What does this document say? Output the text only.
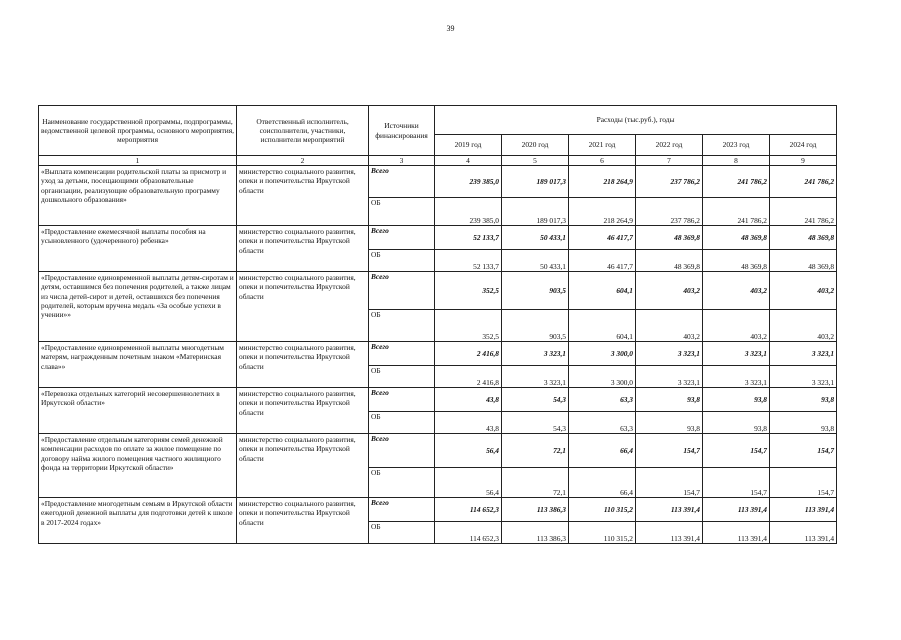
39
Наименование государственной программы, подпрограммы, ведомственной целевой программы, основного мероприятия, мероприятия	Ответственный исполнитель, соисполнители, участники, исполнители мероприятий	Источники финансирования	Расходы (тыс.руб.), годы					
			2019 год	2020 год	2021 год	2022 год	2023 год	2024 год
1	2	3	4	5	6	7	8	9
«Выплата компенсации родительской платы за присмотр и уход за детьми, посещающими образовательные организации, реализующие образовательную программу дошкольного образования»	министерство социального развития, опеки и попечительства Иркутской области	Всего	239 385,0	189 017,3	218 264,9	237 786,2	241 786,2	241 786,2
		ОБ	239 385,0	189 017,3	218 264,9	237 786,2	241 786,2	241 786,2
«Предоставление ежемесячной выплаты пособия на усыновленного (удочеренного) ребенка»	министерство социального развития, опеки и попечительства Иркутской области	Всего	52 133,7	50 433,1	46 417,7	48 369,8	48 369,8	48 369,8
		ОБ	52 133,7	50 433,1	46 417,7	48 369,8	48 369,8	48 369,8
«Предоставление единовременной выплаты детям-сиротам и детям, оставшимся без попечения родителей, а также лицам из числа детей-сирот и детей, оставшихся без попечения родителей, которым вручена медаль «За особые успехи в учении»»	министерство социального развития, опеки и попечительства Иркутской области	Всего	352,5	903,5	604,1	403,2	403,2	403,2
		ОБ	352,5	903,5	604,1	403,2	403,2	403,2
«Предоставление единовременной выплаты многодетным матерям, награжденным почетным знаком «Материнская слава»»	министерство социального развития, опеки и попечительства Иркутской области	Всего	2 416,8	3 323,1	3 300,0	3 323,1	3 323,1	3 323,1
		ОБ	2 416,8	3 323,1	3 300,0	3 323,1	3 323,1	3 323,1
«Перевозка отдельных категорий несовершеннолетних в Иркутской области»	министерство социального развития, опеки и попечительства Иркутской области	Всего	43,8	54,3	63,3	93,8	93,8	93,8
		ОБ	43,8	54,3	63,3	93,8	93,8	93,8
«Предоставление отдельным категориям семей денежной компенсации расходов по оплате за жилое помещение по договору найма жилого помещения частного жилищного фонда на территории Иркутской области»	министерство социального развития, опеки и попечительства Иркутской области	Всего	56,4	72,1	66,4	154,7	154,7	154,7
		ОБ	56,4	72,1	66,4	154,7	154,7	154,7
«Предоставление многодетным семьям в Иркутской области ежегодной денежной выплаты для подготовки детей к школе в 2017-2024 годах»	министерство социального развития, опеки и попечительства Иркутской области	Всего	114 652,3	113 386,3	110 315,2	113 391,4	113 391,4	113 391,4
		ОБ	114 652,3	113 386,3	110 315,2	113 391,4	113 391,4	113 391,4
